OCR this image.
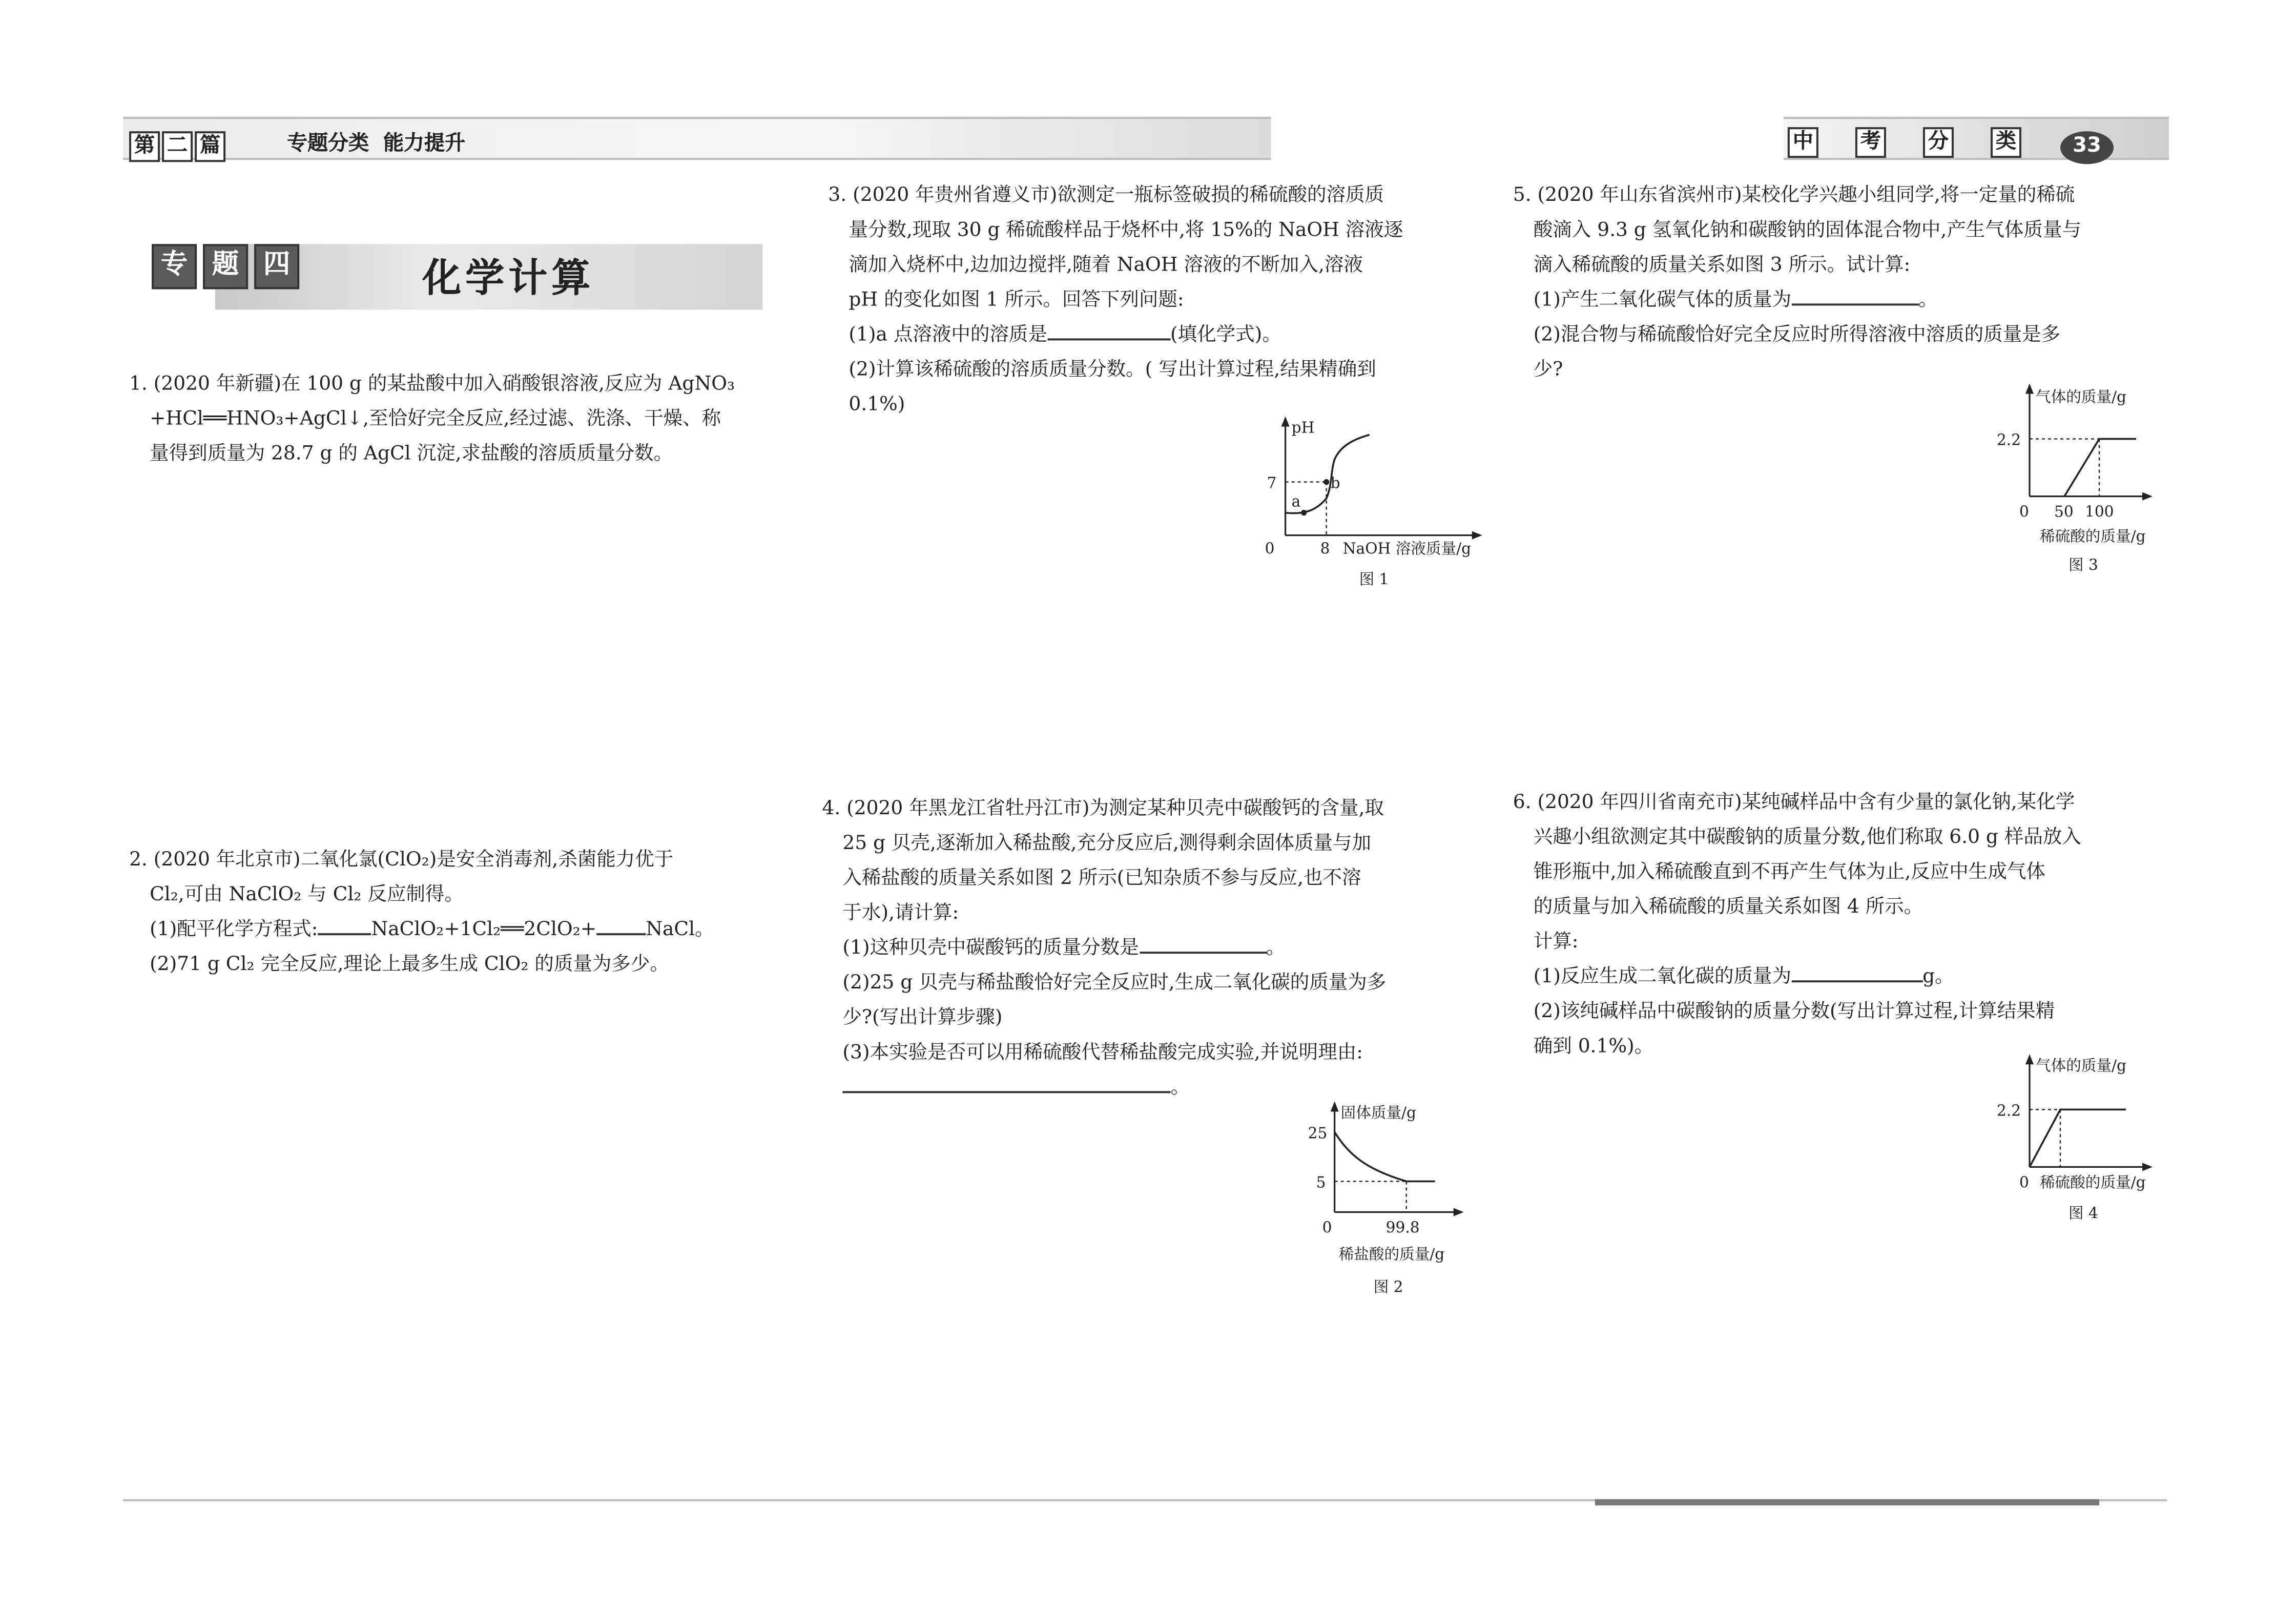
第 二 篇	专题分类  能力提升	中	考	分	类	33
专	题	四	化学计算

1. (2020 年新疆)在 100 g 的某盐酸中加入硝酸银溶液,反应为 AgNO₃

+HCl══HNO₃+AgCl↓,至恰好完全反应,经过滤、洗涤、干燥、称

量得到质量为 28.7 g 的 AgCl 沉淀,求盐酸的溶质质量分数。

2. (2020 年北京市)二氧化氯(ClO₂)是安全消毒剂,杀菌能力优于

Cl₂,可由 NaClO₂ 与 Cl₂ 反应制得。

(1)配平化学方程式:	NaClO₂+1Cl₂══2ClO₂+	NaCl。

(2)71 g Cl₂ 完全反应,理论上最多生成 ClO₂ 的质量为多少。

3. (2020 年贵州省遵义市)欲测定一瓶标签破损的稀硫酸的溶质质

量分数,现取 30 g 稀硫酸样品于烧杯中,将 15%的 NaOH 溶液逐

滴加入烧杯中,边加边搅拌,随着 NaOH 溶液的不断加入,溶液

pH 的变化如图 1 所示。回答下列问题:

(1)a 点溶液中的溶质是	(填化学式)。

(2)计算该稀硫酸的溶质质量分数。( 写出计算过程,结果精确到

0.1%)

pH
7
a
b
0	8	NaOH 溶液质量/g
图 1

4. (2020 年黑龙江省牡丹江市)为测定某种贝壳中碳酸钙的含量,取

25 g 贝壳,逐渐加入稀盐酸,充分反应后,测得剩余固体质量与加

入稀盐酸的质量关系如图 2 所示(已知杂质不参与反应,也不溶

于水),请计算:

(1)这种贝壳中碳酸钙的质量分数是	。

(2)25 g 贝壳与稀盐酸恰好完全反应时,生成二氧化碳的质量为多

少?(写出计算步骤)

(3)本实验是否可以用稀硫酸代替稀盐酸完成实验,并说明理由:

。

固体质量/g
25
5
0	99.8
稀盐酸的质量/g
图 2

5. (2020 年山东省滨州市)某校化学兴趣小组同学,将一定量的稀硫

酸滴入 9.3 g 氢氧化钠和碳酸钠的固体混合物中,产生气体质量与

滴入稀硫酸的质量关系如图 3 所示。试计算:

(1)产生二氧化碳气体的质量为	。

(2)混合物与稀硫酸恰好完全反应时所得溶液中溶质的质量是多

少?

气体的质量/g
2.2
0	50	100
稀硫酸的质量/g
图 3

6. (2020 年四川省南充市)某纯碱样品中含有少量的氯化钠,某化学

兴趣小组欲测定其中碳酸钠的质量分数,他们称取 6.0 g 样品放入

锥形瓶中,加入稀硫酸直到不再产生气体为止,反应中生成气体

的质量与加入稀硫酸的质量关系如图 4 所示。

计算:

(1)反应生成二氧化碳的质量为	g。

(2)该纯碱样品中碳酸钠的质量分数(写出计算过程,计算结果精

确到 0.1%)。

气体的质量/g
2.2
0	稀硫酸的质量/g
图 4
